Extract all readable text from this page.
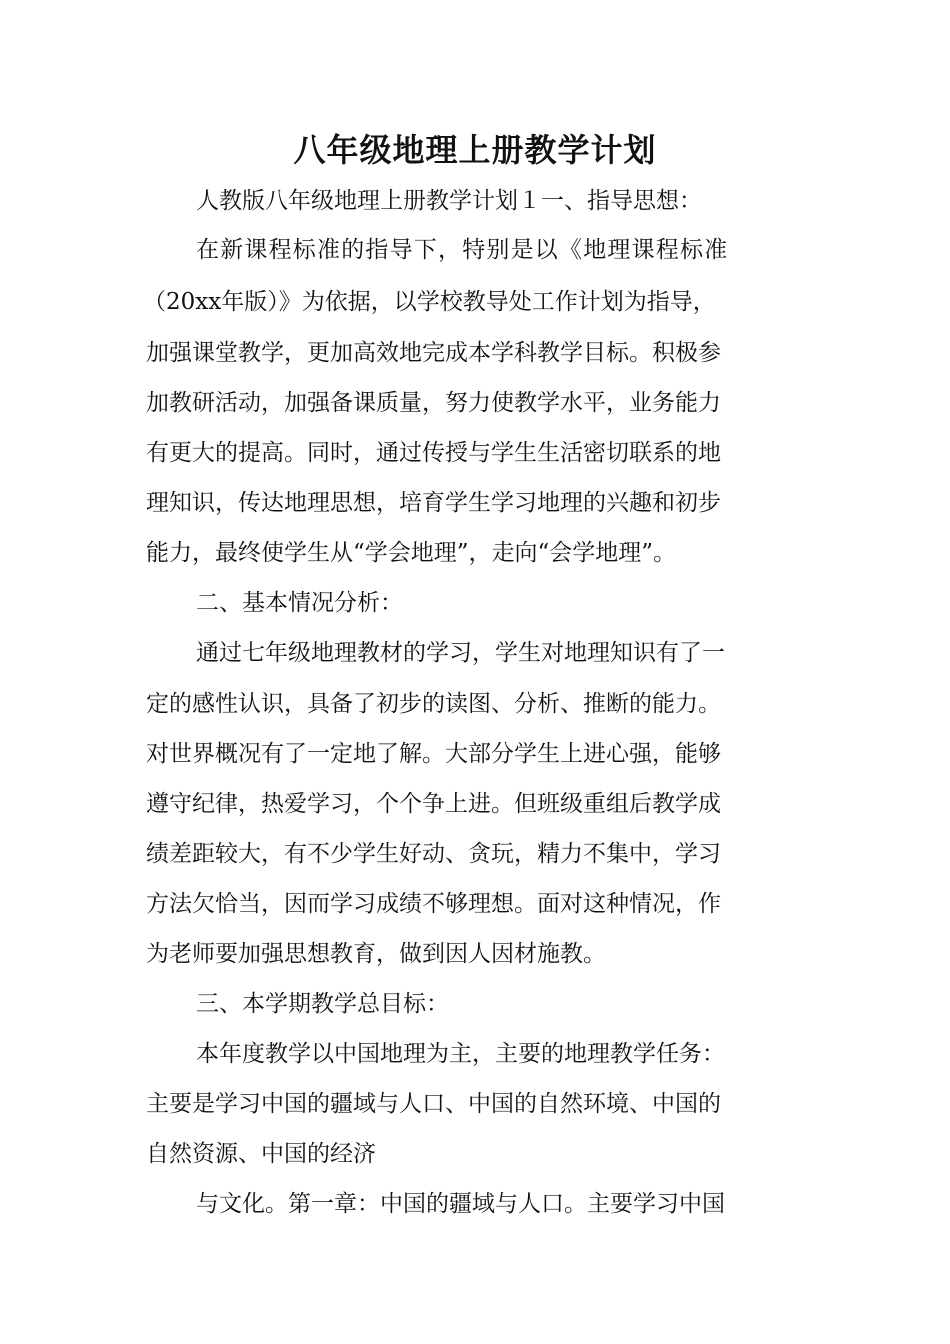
八年级地理上册教学计划
人教版八年级地理上册教学计划１一、指导思想：
在新课程标准的指导下，特别是以《地理课程标准
（20xx年版）》为依据，以学校教导处工作计划为指导，
加强课堂教学，更加高效地完成本学科教学目标。积极参
加教研活动，加强备课质量，努力使教学水平，业务能力
有更大的提高。同时，通过传授与学生生活密切联系的地
理知识，传达地理思想，培育学生学习地理的兴趣和初步
能力，最终使学生从“学会地理”，走向“会学地理”。
二、基本情况分析：
通过七年级地理教材的学习，学生对地理知识有了一
定的感性认识，具备了初步的读图、分析、推断的能力。
对世界概况有了一定地了解。大部分学生上进心强，能够
遵守纪律，热爱学习，个个争上进。但班级重组后教学成
绩差距较大，有不少学生好动、贪玩，精力不集中，学习
方法欠恰当，因而学习成绩不够理想。面对这种情况，作
为老师要加强思想教育，做到因人因材施教。
三、本学期教学总目标：
本年度教学以中国地理为主，主要的地理教学任务：
主要是学习中国的疆域与人口、中国的自然环境、中国的
自然资源、中国的经济
与文化。第一章：中国的疆域与人口。主要学习中国
